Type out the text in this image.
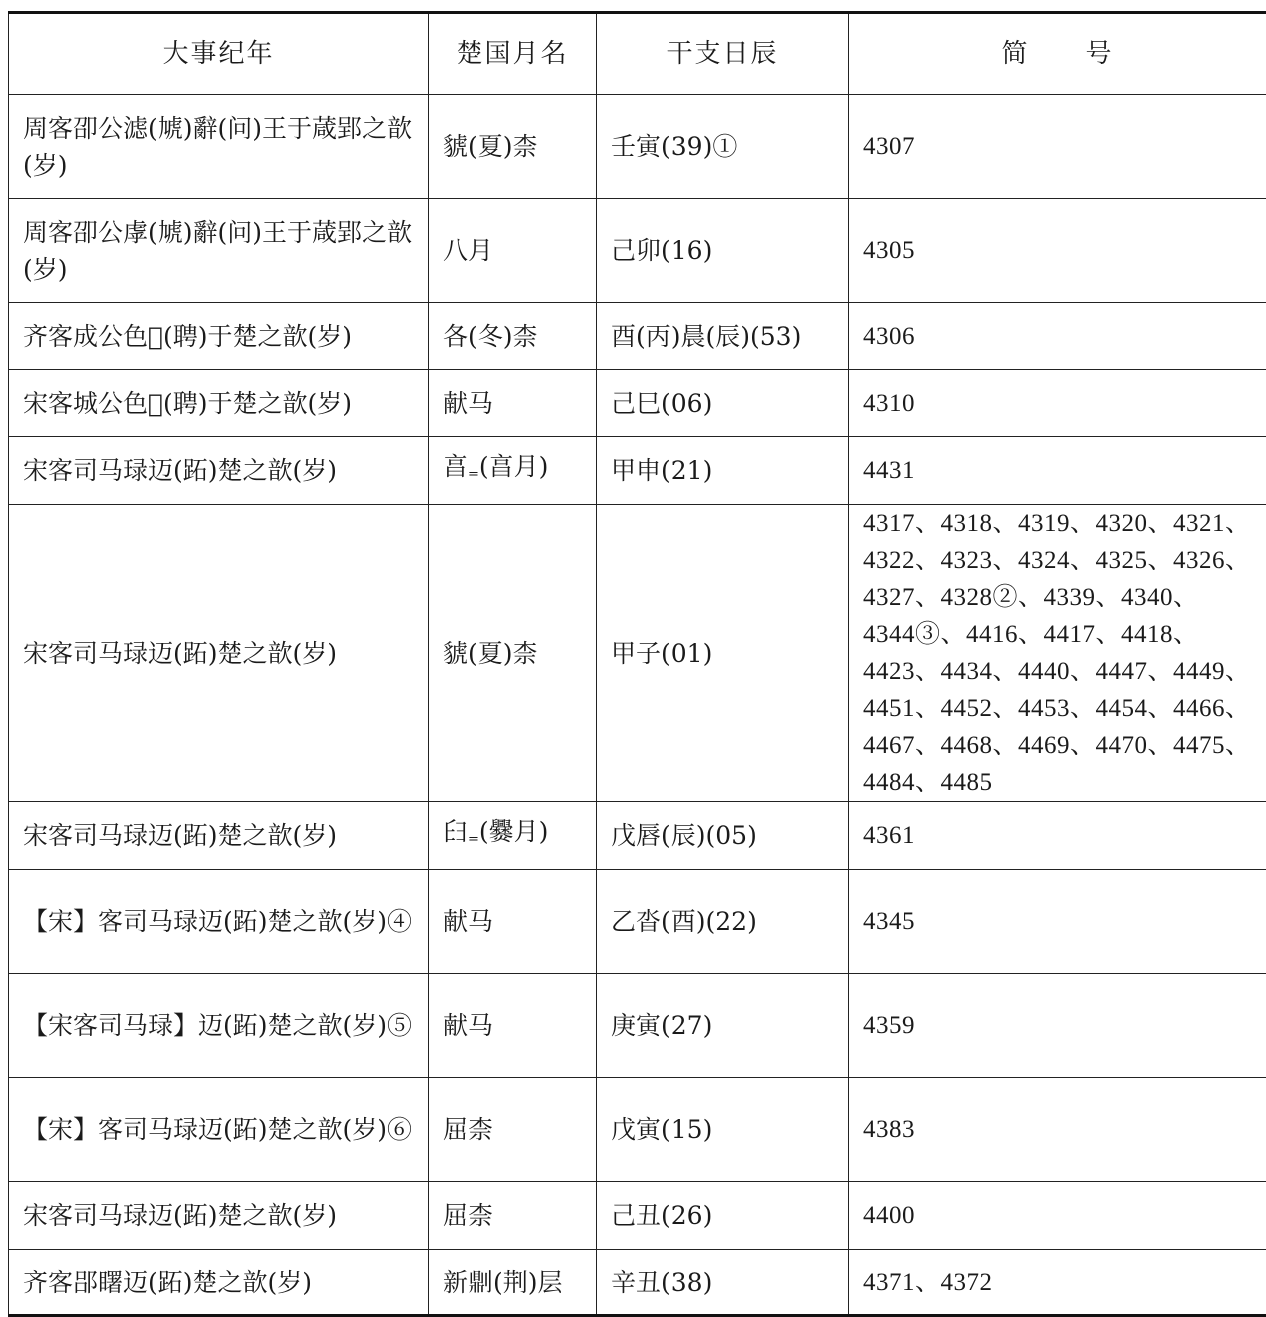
大事纪年	楚国月名	干支日辰	简　　号
周客卲公滤(虓)辭(问)王于葴郢之歆(岁)	䝞(夏)柰	壬寅(39)①	4307
周客卲公虖(虓)辭(问)王于葴郢之歆(岁)	八月	己卯(16)	4305
齐客成公色𠳾(聘)于楚之歆(岁)	各(冬)柰	酉(丙)晨(辰)(53)	4306
宋客城公色𠳾(聘)于楚之歆(岁)	献马	己巳(06)	4310
宋客司马琭迈(跖)楚之歆(岁)	亯$_=$(亯月)	甲申(21)	4431
宋客司马琭迈(跖)楚之歆(岁)	䝞(夏)柰	甲子(01)	4317、4318、4319、4320、4321、4322、4323、4324、4325、4326、4327、4328②、4339、4340、4344③、4416、4417、4418、4423、4434、4440、4447、4449、4451、4452、4453、4454、4466、4467、4468、4469、4470、4475、4484、4485
宋客司马琭迈(跖)楚之歆(岁)	𦥑$_=$(爨月)	戊唇(辰)(05)	4361
【宋】客司马琭迈(跖)楚之歆(岁)④	献马	乙沓(酉)(22)	4345
【宋客司马琭】迈(跖)楚之歆(岁)⑤	献马	庚寅(27)	4359
【宋】客司马琭迈(跖)楚之歆(岁)⑥	屈柰	戊寅(15)	4383
宋客司马琭迈(跖)楚之歆(岁)	屈柰	己丑(26)	4400
齐客郘𥌓迈(跖)楚之歆(岁)	新𠟭(荆)层	辛丑(38)	4371、4372
